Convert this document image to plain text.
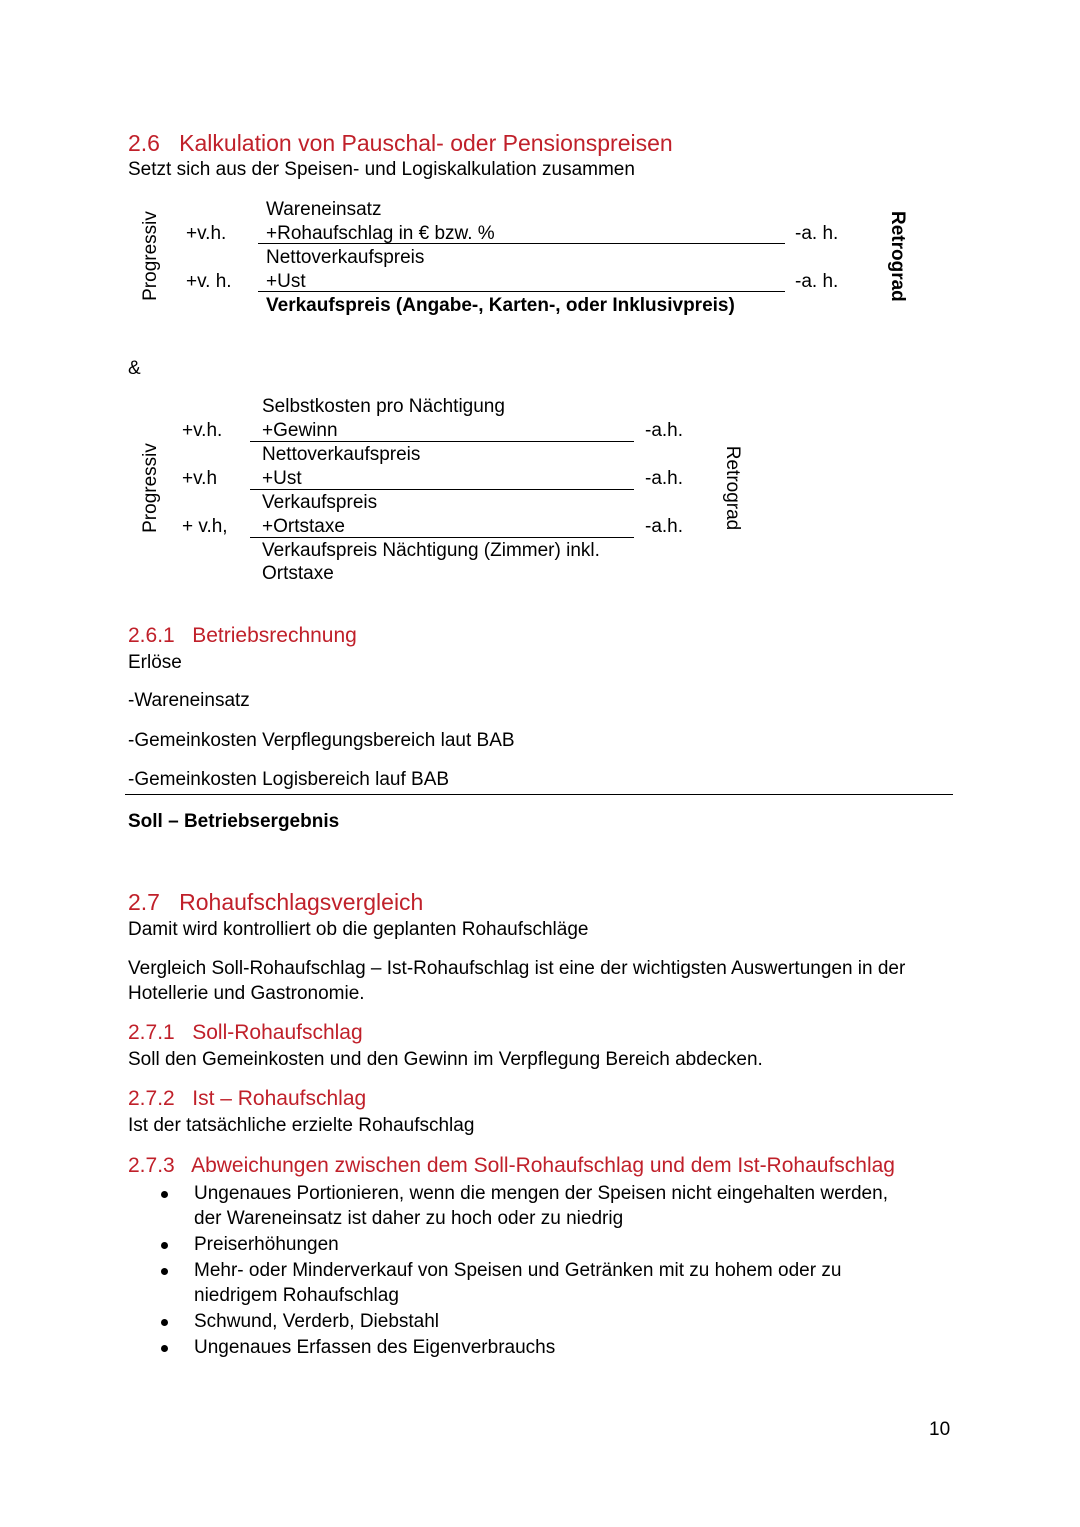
2.6 Kalkulation von Pauschal- oder Pensionspreisen
Setzt sich aus der Speisen- und Logiskalkulation zusammen
Progressiv	Retrograd
Wareneinsatz
+v.h. +Rohaufschlag in € bzw. %	-a. h.
Nettoverkaufspreis
+v. h. +Ust	-a. h.
Verkaufspreis (Angabe-, Karten-, oder Inklusivpreis)
&
Progressiv	Retrograd
Selbstkosten pro Nächtigung
+v.h. +Gewinn	-a.h.
Nettoverkaufspreis
+v.h +Ust	-a.h.
Verkaufspreis
+ v.h, +Ortstaxe	-a.h.
Verkaufspreis Nächtigung (Zimmer) inkl.
Ortstaxe
2.6.1 Betriebsrechnung
Erlöse
-Wareneinsatz
-Gemeinkosten Verpflegungsbereich laut BAB
-Gemeinkosten Logisbereich lauf BAB
Soll – Betriebsergebnis
2.7 Rohaufschlagsvergleich
Damit wird kontrolliert ob die geplanten Rohaufschläge
Vergleich Soll-Rohaufschlag – Ist-Rohaufschlag ist eine der wichtigsten Auswertungen in der
Hotellerie und Gastronomie.
2.7.1 Soll-Rohaufschlag
Soll den Gemeinkosten und den Gewinn im Verpflegung Bereich abdecken.
2.7.2 Ist – Rohaufschlag
Ist der tatsächliche erzielte Rohaufschlag
2.7.3 Abweichungen zwischen dem Soll-Rohaufschlag und dem Ist-Rohaufschlag
Ungenaues Portionieren, wenn die mengen der Speisen nicht eingehalten werden,
der Wareneinsatz ist daher zu hoch oder zu niedrig
Preiserhöhungen
Mehr- oder Minderverkauf von Speisen und Getränken mit zu hohem oder zu
niedrigem Rohaufschlag
Schwund, Verderb, Diebstahl
Ungenaues Erfassen des Eigenverbrauchs
10
